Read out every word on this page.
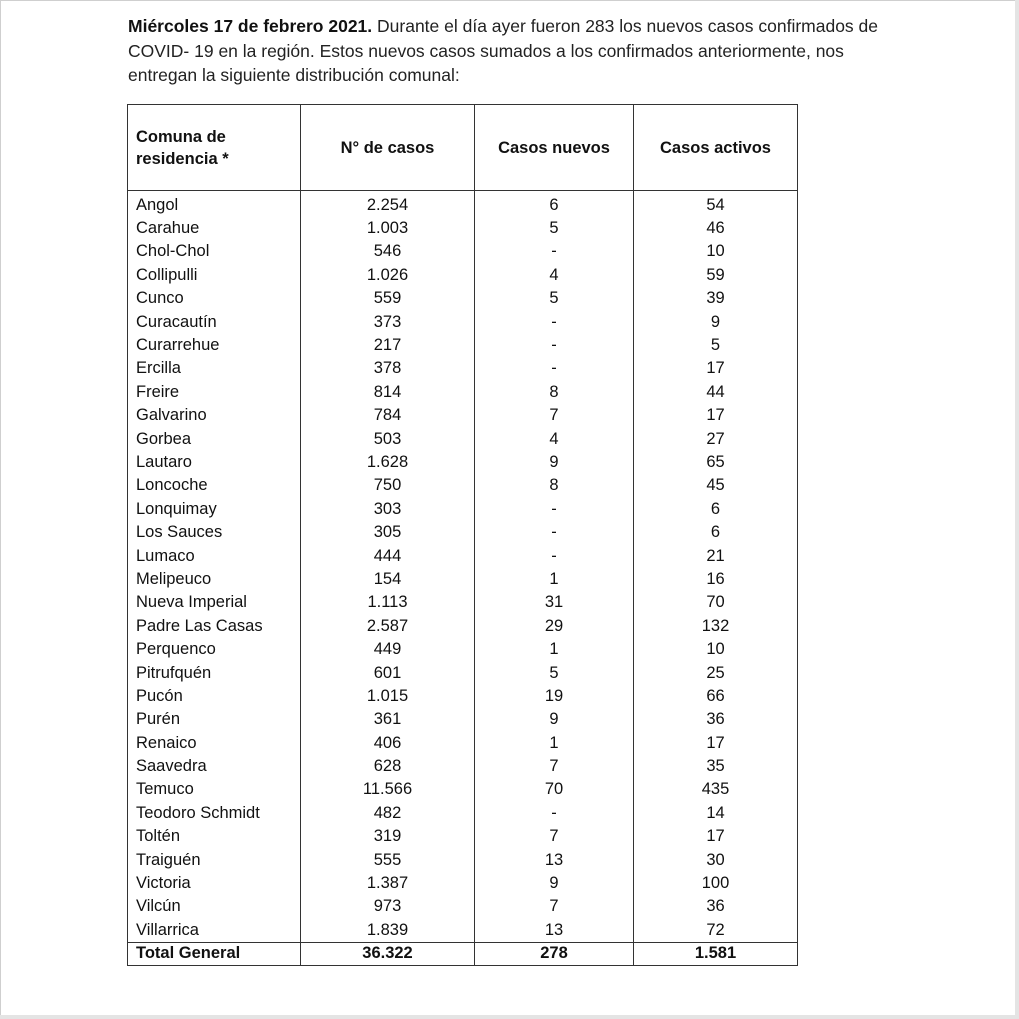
Miércoles 17 de febrero 2021. Durante el día ayer fueron 283 los nuevos casos confirmados de COVID- 19 en la región. Estos nuevos casos sumados a los confirmados anteriormente, nos entregan la siguiente distribución comunal:

Comuna de residencia *	N° de casos	Casos nuevos	Casos activos
Angol	2.254	6	54
Carahue	1.003	5	46
Chol-Chol	546	-	10
Collipulli	1.026	4	59
Cunco	559	5	39
Curacautín	373	-	9
Curarrehue	217	-	5
Ercilla	378	-	17
Freire	814	8	44
Galvarino	784	7	17
Gorbea	503	4	27
Lautaro	1.628	9	65
Loncoche	750	8	45
Lonquimay	303	-	6
Los Sauces	305	-	6
Lumaco	444	-	21
Melipeuco	154	1	16
Nueva Imperial	1.113	31	70
Padre Las Casas	2.587	29	132
Perquenco	449	1	10
Pitrufquén	601	5	25
Pucón	1.015	19	66
Purén	361	9	36
Renaico	406	1	17
Saavedra	628	7	35
Temuco	11.566	70	435
Teodoro Schmidt	482	-	14
Toltén	319	7	17
Traiguén	555	13	30
Victoria	1.387	9	100
Vilcún	973	7	36
Villarrica	1.839	13	72
Total General	36.322	278	1.581
